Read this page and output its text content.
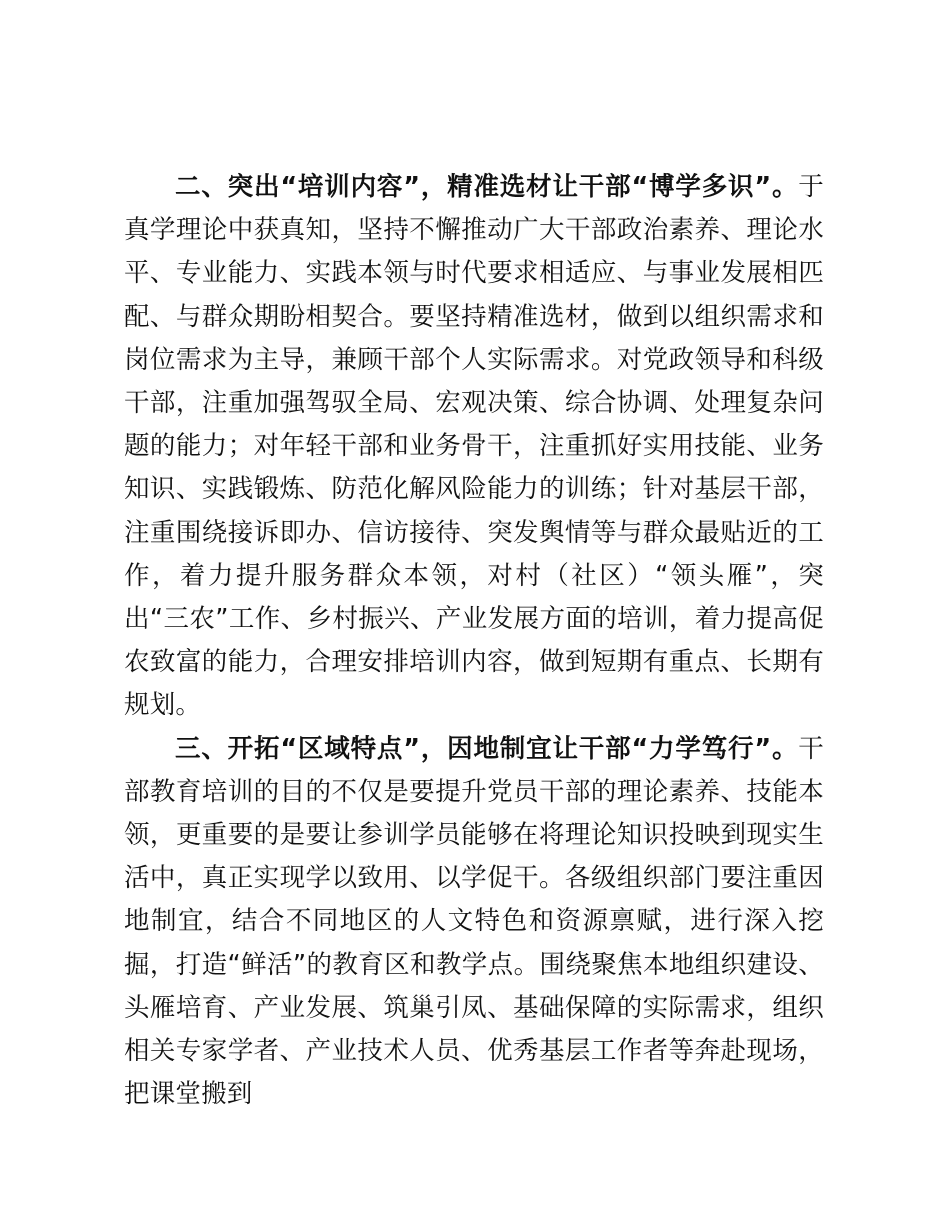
二、突出“培训内容”，精准选材让干部“博学多识”。于真学理论中获真知，坚持不懈推动广大干部政治素养、理论水平、专业能力、实践本领与时代要求相适应、与事业发展相匹配、与群众期盼相契合。要坚持精准选材，做到以组织需求和岗位需求为主导，兼顾干部个人实际需求。对党政领导和科级干部，注重加强驾驭全局、宏观决策、综合协调、处理复杂问题的能力；对年轻干部和业务骨干，注重抓好实用技能、业务知识、实践锻炼、防范化解风险能力的训练；针对基层干部，注重围绕接诉即办、信访接待、突发舆情等与群众最贴近的工作，着力提升服务群众本领，对村（社区）“领头雁”，突出“三农”工作、乡村振兴、产业发展方面的培训，着力提高促农致富的能力，合理安排培训内容，做到短期有重点、长期有规划。

三、开拓“区域特点”，因地制宜让干部“力学笃行”。干部教育培训的目的不仅是要提升党员干部的理论素养、技能本领，更重要的是要让参训学员能够在将理论知识投映到现实生活中，真正实现学以致用、以学促干。各级组织部门要注重因地制宜，结合不同地区的人文特色和资源禀赋，进行深入挖掘，打造“鲜活”的教育区和教学点。围绕聚焦本地组织建设、头雁培育、产业发展、筑巢引凤、基础保障的实际需求，组织相关专家学者、产业技术人员、优秀基层工作者等奔赴现场，把课堂搬到
